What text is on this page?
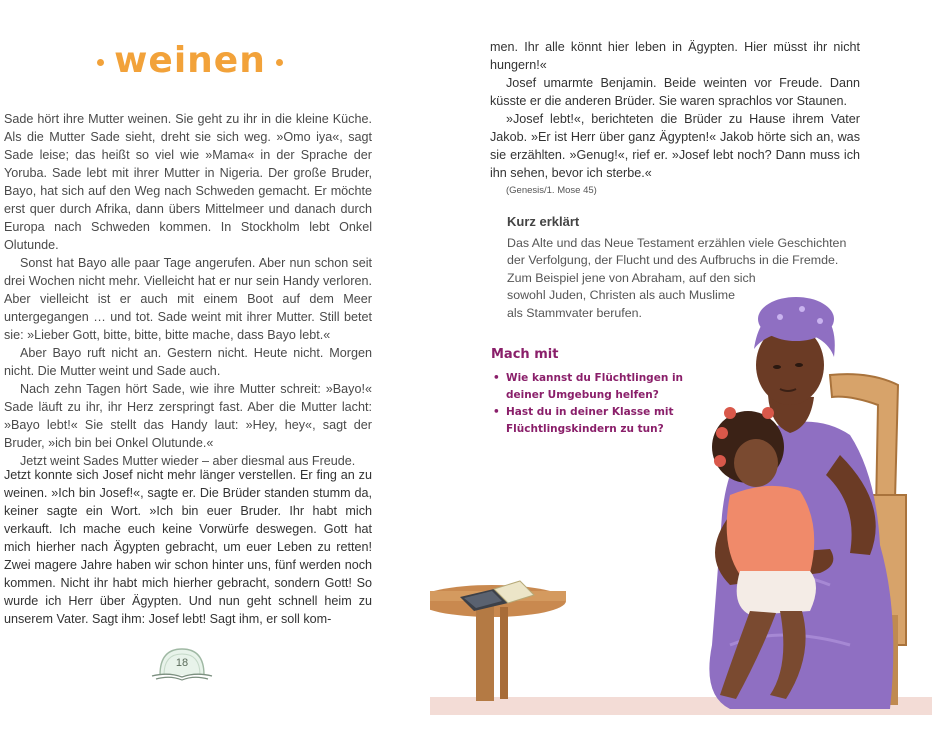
weinen

Sade hört ihre Mutter weinen. Sie geht zu ihr in die kleine Küche. Als die Mutter Sade sieht, dreht sie sich weg. »Omo iya«, sagt Sade leise; das heißt so viel wie »Mama« in der Sprache der Yoruba. Sade lebt mit ihrer Mutter in Nigeria. Der große Bruder, Bayo, hat sich auf den Weg nach Schweden gemacht. Er möchte erst quer durch Afrika, dann übers Mittelmeer und danach durch Europa nach Schweden kommen. In Stockholm lebt Onkel Olutunde.

Sonst hat Bayo alle paar Tage angerufen. Aber nun schon seit drei Wochen nicht mehr. Vielleicht hat er nur sein Handy verloren. Aber vielleicht ist er auch mit einem Boot auf dem Meer untergegangen … und tot. Sade weint mit ihrer Mutter. Still betet sie: »Lieber Gott, bitte, bitte, bitte mache, dass Bayo lebt.«

Aber Bayo ruft nicht an. Gestern nicht. Heute nicht. Morgen nicht. Die Mutter weint und Sade auch.

Nach zehn Tagen hört Sade, wie ihre Mutter schreit: »Bayo!« Sade läuft zu ihr, ihr Herz zerspringt fast. Aber die Mutter lacht: »Bayo lebt!« Sie stellt das Handy laut: »Hey, hey«, sagt der Bruder, »ich bin bei Onkel Olutunde.«

Jetzt weint Sades Mutter wieder – aber diesmal aus Freude.

Jetzt konnte sich Josef nicht mehr länger verstellen. Er fing an zu weinen. »Ich bin Josef!«, sagte er. Die Brüder standen stumm da, keiner sagte ein Wort. »Ich bin euer Bruder. Ihr habt mich verkauft. Ich mache euch keine Vorwürfe deswegen. Gott hat mich hierher nach Ägypten gebracht, um euer Leben zu retten! Zwei magere Jahre haben wir schon hinter uns, fünf werden noch kommen. Nicht ihr habt mich hierher gebracht, sondern Gott! So wurde ich Herr über Ägypten. Und nun geht schnell heim zu unserem Vater. Sagt ihm: Josef lebt! Sagt ihm, er soll kom-

18

men. Ihr alle könnt hier leben in Ägypten. Hier müsst ihr nicht hungern!«

Josef umarmte Benjamin. Beide weinten vor Freude. Dann küsste er die anderen Brüder. Sie waren sprachlos vor Staunen.

»Josef lebt!«, berichteten die Brüder zu Hause ihrem Vater Jakob. »Er ist Herr über ganz Ägypten!« Jakob hörte sich an, was sie erzählten. »Genug!«, rief er. »Josef lebt noch? Dann muss ich ihn sehen, bevor ich sterbe.«

(Genesis/1. Mose 45)

Kurz erklärt
Das Alte und das Neue Testament erzählen viele Geschichten
der Verfolgung, der Flucht und des Aufbruchs in die Fremde.
Zum Beispiel jene von Abraham, auf den sich
sowohl Juden, Christen als auch Muslime
als Stammvater berufen.
Mach mit
• Wie kannst du Flüchtlingen in deiner Umgebung helfen?
• Hast du in deiner Klasse mit Flüchtlingskindern zu tun?
